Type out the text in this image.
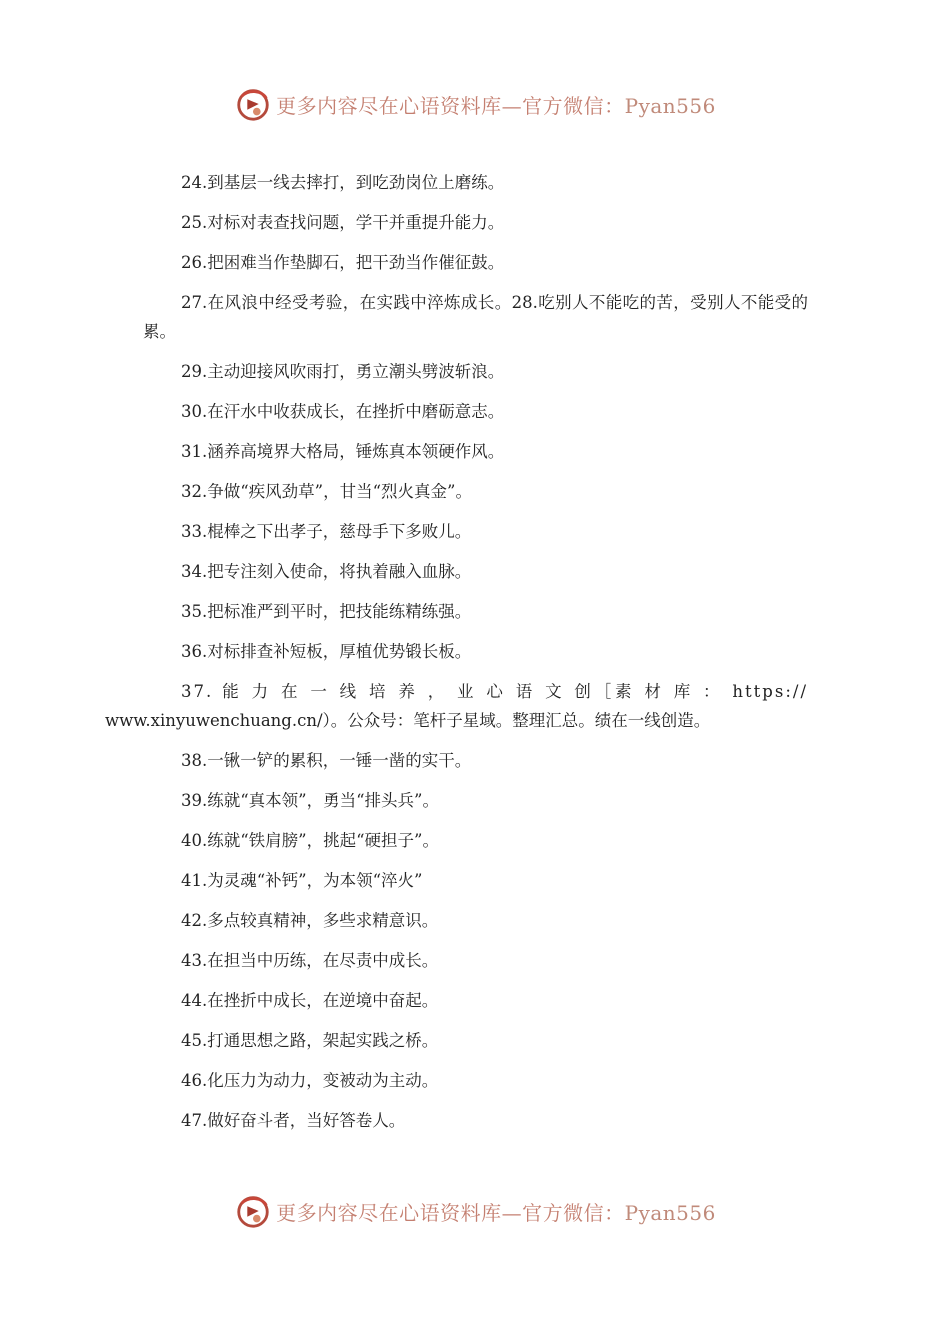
更多内容尽在心语资料库—官方微信：Pyan556

24.到基层一线去摔打，到吃劲岗位上磨练。

25.对标对表查找问题，学干并重提升能力。

26.把困难当作垫脚石，把干劲当作催征鼓。

27.在风浪中经受考验，在实践中淬炼成长。28.吃别人不能吃的苦，受别人不能受的累。

29.主动迎接风吹雨打，勇立潮头劈波斩浪。

30.在汗水中收获成长，在挫折中磨砺意志。

31.涵养高境界大格局，锤炼真本领硬作风。

32.争做“疾风劲草”，甘当“烈火真金”。

33.棍棒之下出孝子，慈母手下多败儿。

34.把专注刻入使命，将执着融入血脉。

35.把标准严到平时，把技能练精练强。

36.对标排查补短板，厚植优势锻长板。

37. 能 力 在 一 线 培 养 ， 业 心 语 文 创［素 材 库 ： https://
www.xinyuwenchuang.cn/）。公众号：笔杆子星域。整理汇总。绩在一线创造。

38.一锹一铲的累积，一锤一凿的实干。

39.练就“真本领”，勇当“排头兵”。

40.练就“铁肩膀”，挑起“硬担子”。

41.为灵魂“补钙”，为本领“淬火”

42.多点较真精神，多些求精意识。

43.在担当中历练，在尽责中成长。

44.在挫折中成长，在逆境中奋起。

45.打通思想之路，架起实践之桥。

46.化压力为动力，变被动为主动。

47.做好奋斗者，当好答卷人。

更多内容尽在心语资料库—官方微信：Pyan556
